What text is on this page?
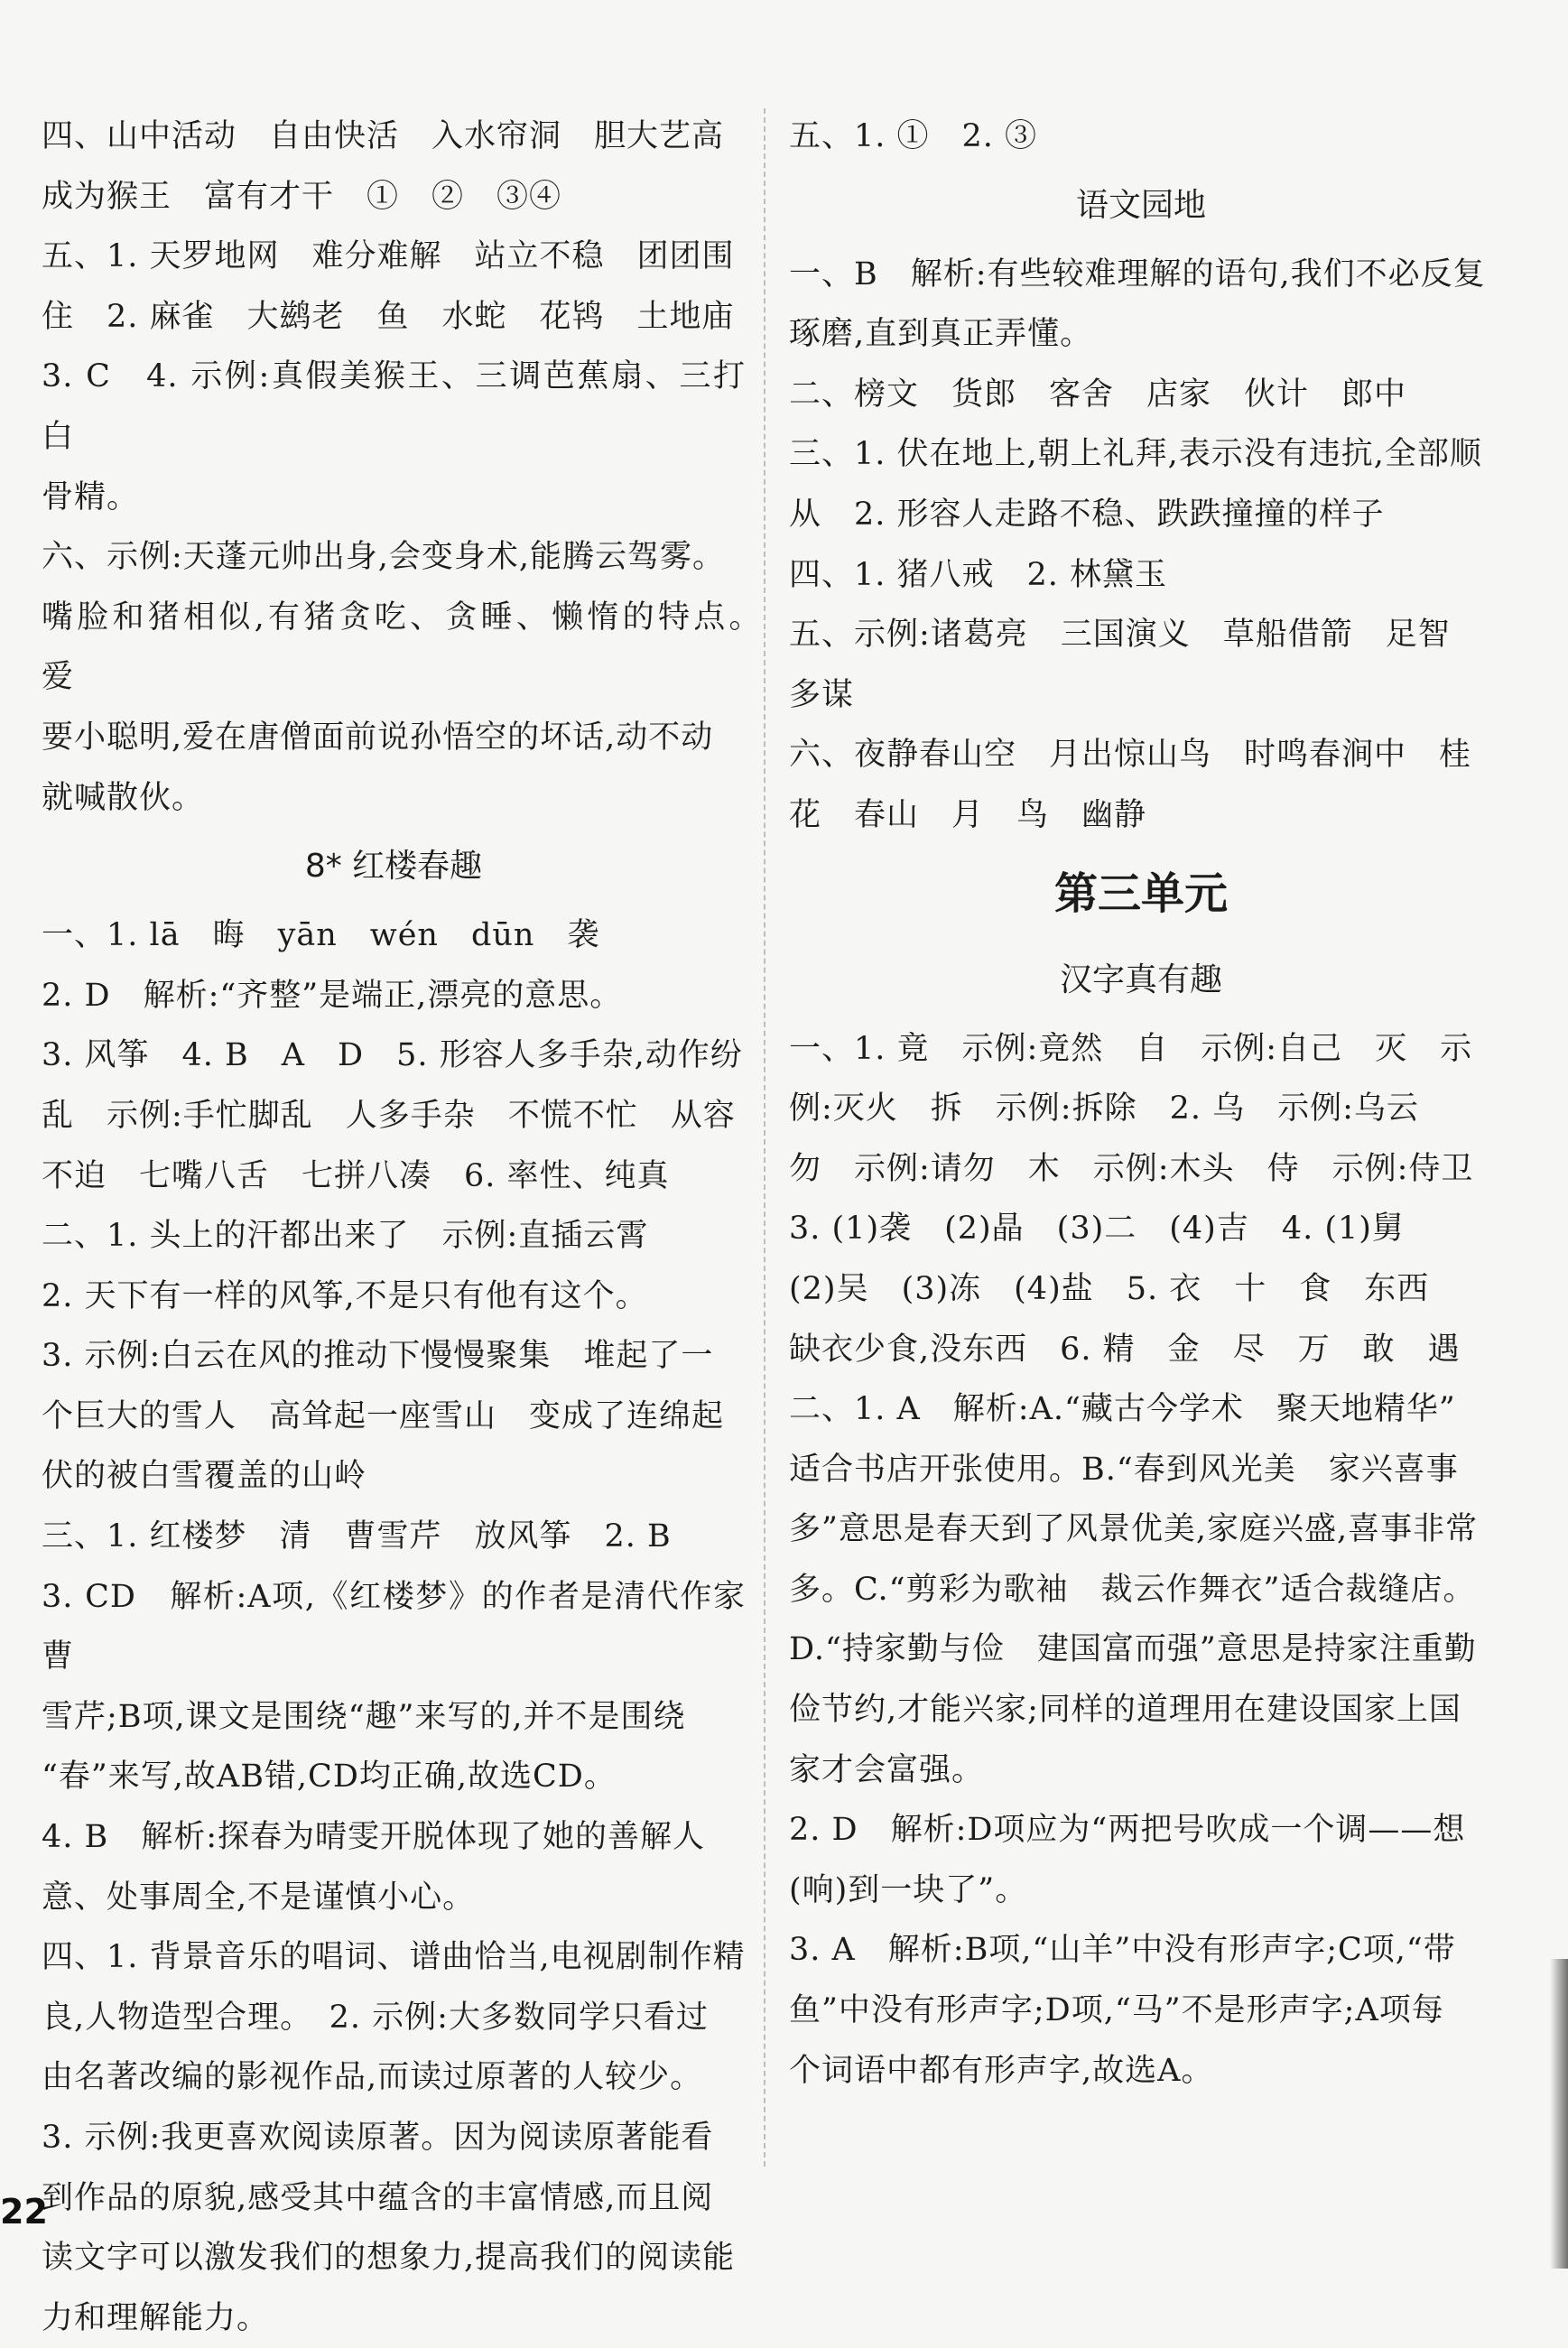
四、山中活动　自由快活　入水帘洞　胆大艺高

成为猴王　富有才干　①　②　③④

五、1. 天罗地网　难分难解　站立不稳　团团围

住　2. 麻雀　大鹚老　鱼　水蛇　花鸨　土地庙

3. C　4. 示例:真假美猴王、三调芭蕉扇、三打白

骨精。

六、示例:天蓬元帅出身,会变身术,能腾云驾雾。

嘴脸和猪相似,有猪贪吃、贪睡、懒惰的特点。　爱

要小聪明,爱在唐僧面前说孙悟空的坏话,动不动

就喊散伙。

8* 红楼春趣

一、1. lā　晦　yān　wén　dūn　袭

2. D　解析:“齐整”是端正,漂亮的意思。

3. 风筝　4. B　A　D　5. 形容人多手杂,动作纷

乱　示例:手忙脚乱　人多手杂　不慌不忙　从容

不迫　七嘴八舌　七拼八凑　6. 率性、纯真

二、1. 头上的汗都出来了　示例:直插云霄

2. 天下有一样的风筝,不是只有他有这个。

3. 示例:白云在风的推动下慢慢聚集　堆起了一

个巨大的雪人　高耸起一座雪山　变成了连绵起

伏的被白雪覆盖的山岭

三、1. 红楼梦　清　曹雪芹　放风筝　2. B

3. CD　解析:A项,《红楼梦》的作者是清代作家曹

雪芹;B项,课文是围绕“趣”来写的,并不是围绕

“春”来写,故AB错,CD均正确,故选CD。

4. B　解析:探春为晴雯开脱体现了她的善解人

意、处事周全,不是谨慎小心。

四、1. 背景音乐的唱词、谱曲恰当,电视剧制作精

良,人物造型合理。　2. 示例:大多数同学只看过

由名著改编的影视作品,而读过原著的人较少。

3. 示例:我更喜欢阅读原著。因为阅读原著能看

到作品的原貌,感受其中蕴含的丰富情感,而且阅

读文字可以激发我们的想象力,提高我们的阅读能

力和理解能力。

五、1. ①　2. ③

语文园地

一、B　解析:有些较难理解的语句,我们不必反复

琢磨,直到真正弄懂。

二、榜文　货郎　客舍　店家　伙计　郎中

三、1. 伏在地上,朝上礼拜,表示没有违抗,全部顺

从　2. 形容人走路不稳、跌跌撞撞的样子

四、1. 猪八戒　2. 林黛玉

五、示例:诸葛亮　三国演义　草船借箭　足智

多谋

六、夜静春山空　月出惊山鸟　时鸣春涧中　桂

花　春山　月　鸟　幽静

第三单元
汉字真有趣

一、1. 竟　示例:竟然　自　示例:自己　灭　示

例:灭火　拆　示例:拆除　2. 乌　示例:乌云

勿　示例:请勿　木　示例:木头　侍　示例:侍卫

3. (1)袭　(2)晶　(3)二　(4)吉　4. (1)舅

(2)吴　(3)冻　(4)盐　5. 衣　十　食　东西

缺衣少食,没东西　6. 精　金　尽　万　敢　遇

二、1. A　解析:A.“藏古今学术　聚天地精华”

适合书店开张使用。B.“春到风光美　家兴喜事

多”意思是春天到了风景优美,家庭兴盛,喜事非常

多。C.“剪彩为歌袖　裁云作舞衣”适合裁缝店。

D.“持家勤与俭　建国富而强”意思是持家注重勤

俭节约,才能兴家;同样的道理用在建设国家上国

家才会富强。

2. D　解析:D项应为“两把号吹成一个调——想

(响)到一块了”。

3. A　解析:B项,“山羊”中没有形声字;C项,“带

鱼”中没有形声字;D项,“马”不是形声字;A项每

个词语中都有形声字,故选A。

22
